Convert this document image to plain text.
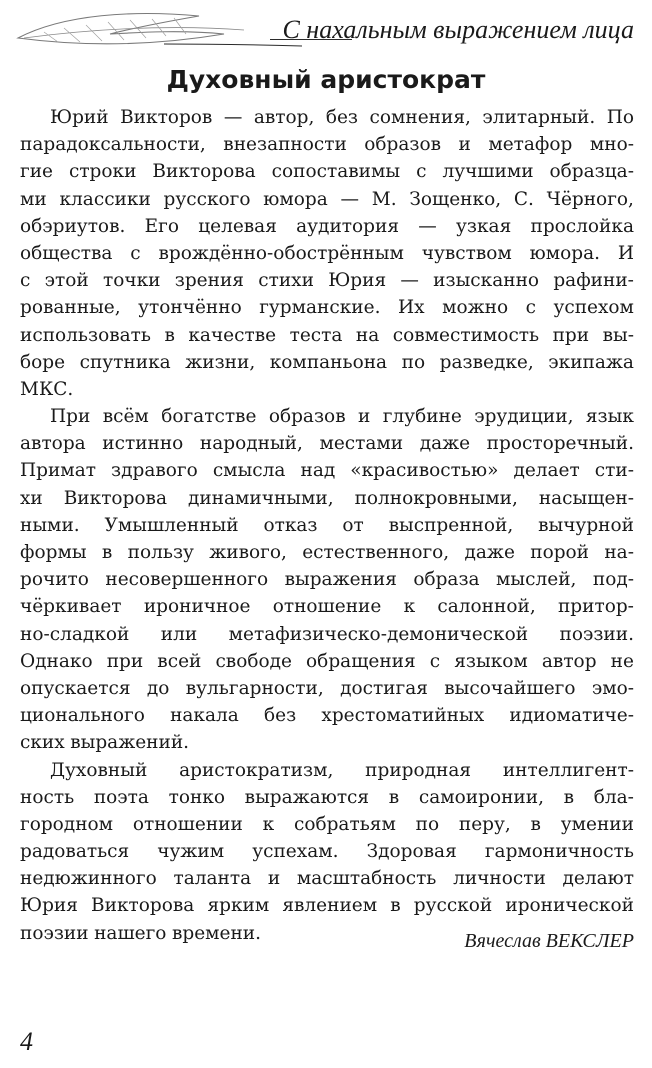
С нахальным выражением лица
Духовный аристократ
Юрий Викторов — автор, без сомнения, элитарный. По
парадоксальности, внезапности образов и метафор мно-
гие строки Викторова сопоставимы с лучшими образца-
ми классики русского юмора — М. Зощенко, С. Чёрного,
обэриутов. Его целевая аудитория — узкая прослойка
общества с врождённо-обострённым чувством юмора. И
с этой точки зрения стихи Юрия — изысканно рафини-
рованные, утончённо гурманские. Их можно с успехом
использовать в качестве теста на совместимость при вы-
боре спутника жизни, компаньона по разведке, экипажа
МКС.
При всём богатстве образов и глубине эрудиции, язык
автора истинно народный, местами даже просторечный.
Примат здравого смысла над «красивостью» делает сти-
хи Викторова динамичными, полнокровными, насыщен-
ными. Умышленный отказ от выспренной, вычурной
формы в пользу живого, естественного, даже порой на-
рочито несовершенного выражения образа мыслей, под-
чёркивает ироничное отношение к салонной, притор-
но-сладкой или метафизическо-демонической поэзии.
Однако при всей свободе обращения с языком автор не
опускается до вульгарности, достигая высочайшего эмо-
ционального накала без хрестоматийных идиоматиче-
ских выражений.
Духовный аристократизм, природная интеллигент-
ность поэта тонко выражаются в самоиронии, в бла-
городном отношении к собратьям по перу, в умении
радоваться чужим успехам. Здоровая гармоничность
недюжинного таланта и масштабность личности делают
Юрия Викторова ярким явлением в русской иронической
поэзии нашего времени.	Вячеслав ВЕКСЛЕР
4
